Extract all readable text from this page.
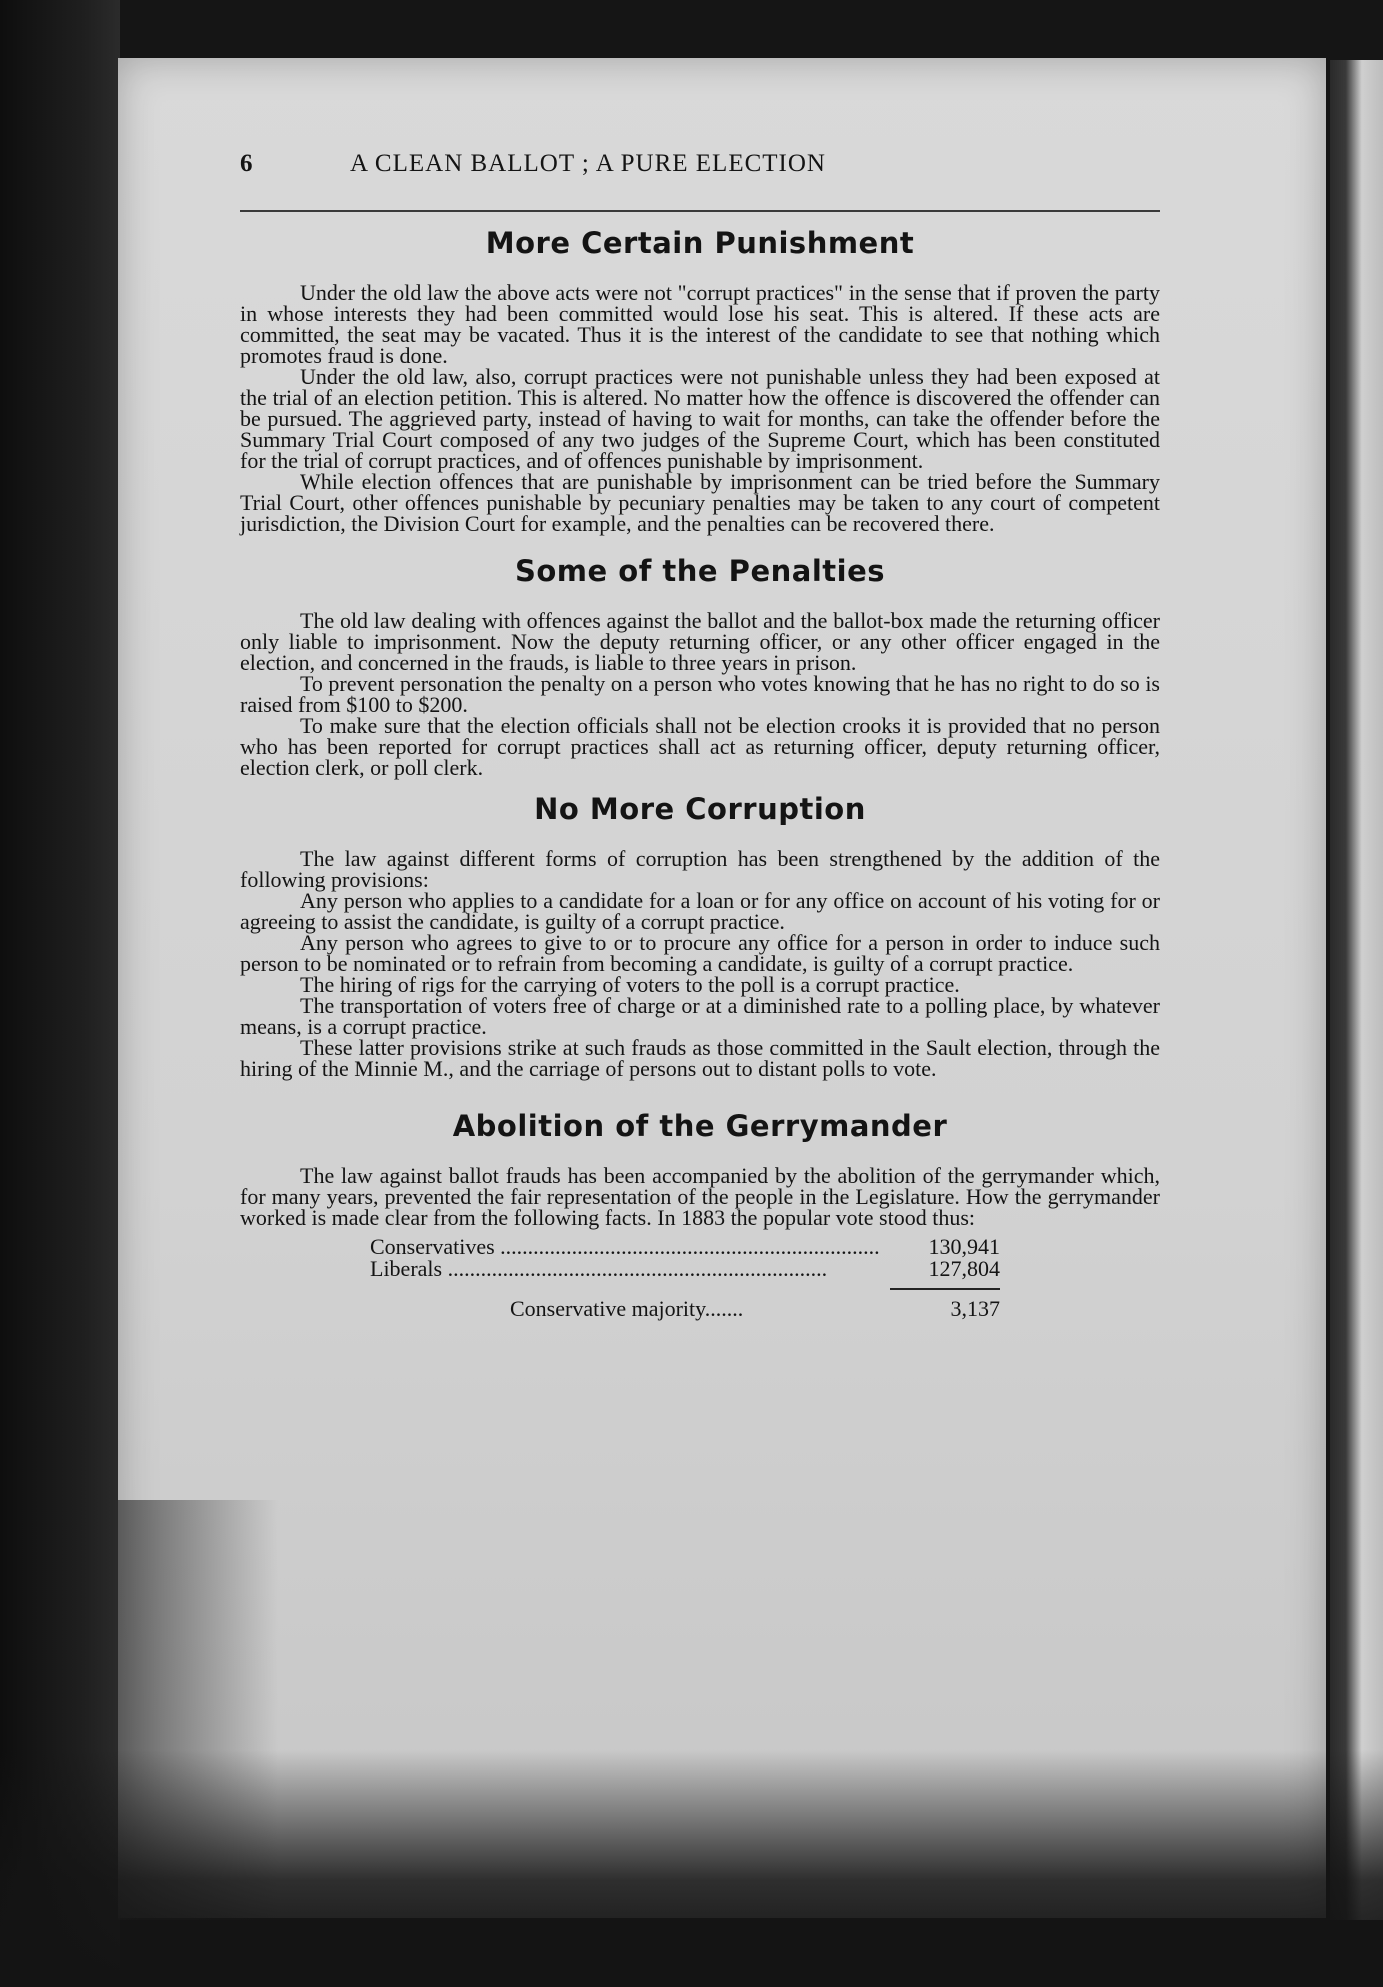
6	A CLEAN BALLOT ; A PURE ELECTION
More Certain Punishment

Under the old law the above acts were not "corrupt practices" in the sense that if proven the party in whose interests they had been committed would lose his seat. This is altered. If these acts are committed, the seat may be vacated. Thus it is the interest of the candidate to see that nothing which promotes fraud is done.

Under the old law, also, corrupt practices were not punishable unless they had been exposed at the trial of an election petition. This is altered. No matter how the offence is discovered the offender can be pursued. The aggrieved party, instead of having to wait for months, can take the offender before the Summary Trial Court composed of any two judges of the Supreme Court, which has been constituted for the trial of corrupt practices, and of offences punishable by imprisonment.

While election offences that are punishable by imprisonment can be tried before the Summary Trial Court, other offences punishable by pecuniary penalties may be taken to any court of competent jurisdiction, the Division Court for example, and the penalties can be recovered there.

Some of the Penalties

The old law dealing with offences against the ballot and the ballot-box made the returning officer only liable to imprisonment. Now the deputy returning officer, or any other officer engaged in the election, and concerned in the frauds, is liable to three years in prison.

To prevent personation the penalty on a person who votes knowing that he has no right to do so is raised from $100 to $200.

To make sure that the election officials shall not be election crooks it is provided that no person who has been reported for corrupt practices shall act as returning officer, deputy returning officer, election clerk, or poll clerk.

No More Corruption

The law against different forms of corruption has been strengthened by the addition of the following provisions:

Any person who applies to a candidate for a loan or for any office on account of his voting for or agreeing to assist the candidate, is guilty of a corrupt practice.

Any person who agrees to give to or to procure any office for a person in order to induce such person to be nominated or to refrain from becoming a candidate, is guilty of a corrupt practice.

The hiring of rigs for the carrying of voters to the poll is a corrupt practice.

The transportation of voters free of charge or at a diminished rate to a polling place, by whatever means, is a corrupt practice.

These latter provisions strike at such frauds as those committed in the Sault election, through the hiring of the Minnie M., and the carriage of persons out to distant polls to vote.

Abolition of the Gerrymander

The law against ballot frauds has been accompanied by the abolition of the gerrymander which, for many years, prevented the fair representation of the people in the Legislature. How the gerrymander worked is made clear from the following facts. In 1883 the popular vote stood thus:

Conservatives .....	130,941
Liberals .....	127,804
Conservative majority.......	3,137
